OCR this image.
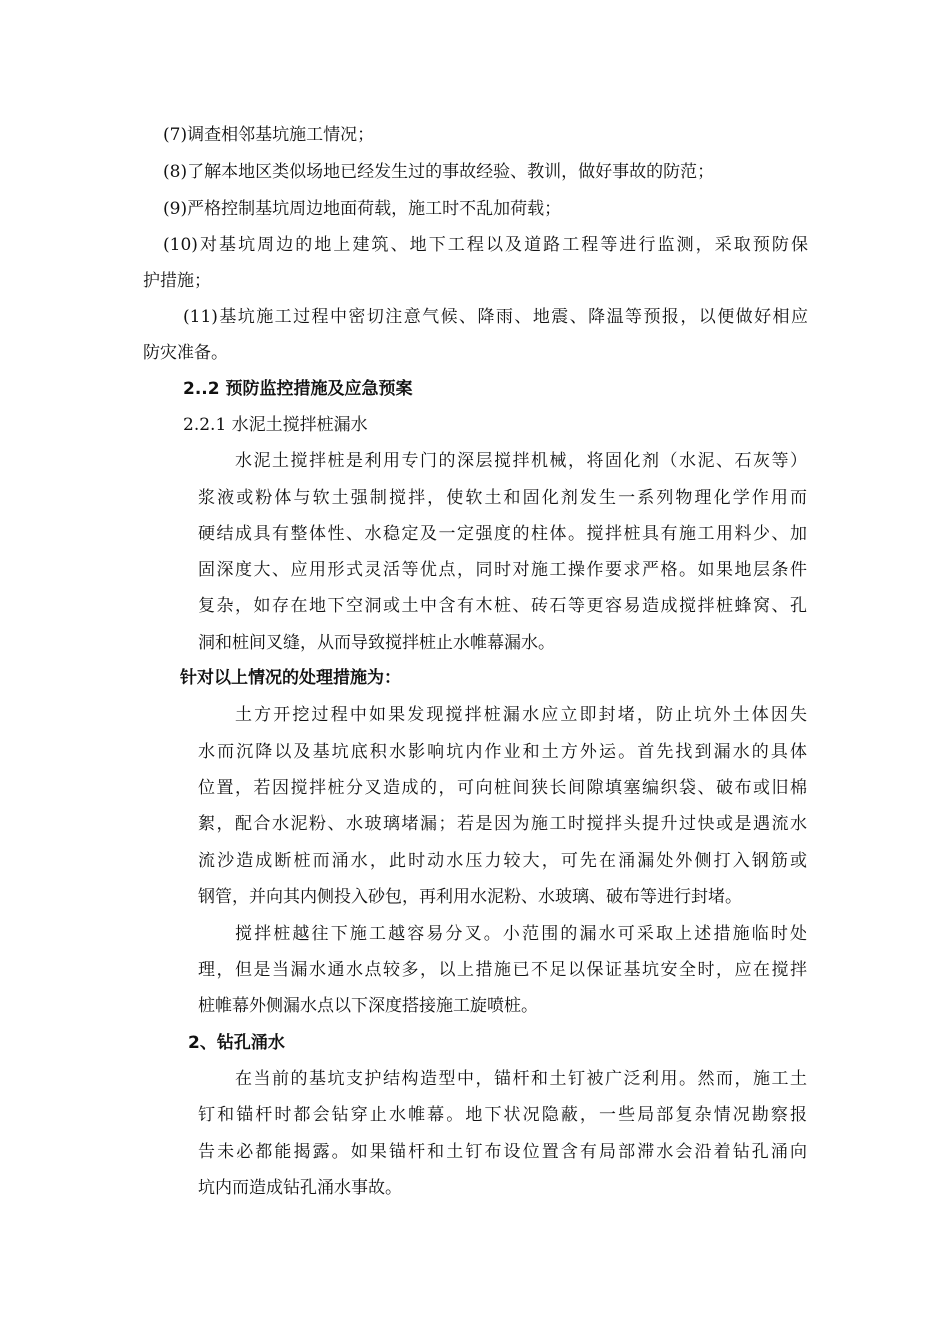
(7)调查相邻基坑施工情况；
(8)了解本地区类似场地已经发生过的事故经验、教训，做好事故的防范；
(9)严格控制基坑周边地面荷载，施工时不乱加荷载；
(10)对基坑周边的地上建筑、地下工程以及道路工程等进行监测，采取预防保
护措施；
(11)基坑施工过程中密切注意气候、降雨、地震、降温等预报，以便做好相应
防灾准备。
2..2 预防监控措施及应急预案
2.2.1 水泥土搅拌桩漏水
水泥土搅拌桩是利用专门的深层搅拌机械，将固化剂（水泥、石灰等）
浆液或粉体与软土强制搅拌，使软土和固化剂发生一系列物理化学作用而
硬结成具有整体性、水稳定及一定强度的柱体。搅拌桩具有施工用料少、加
固深度大、应用形式灵活等优点，同时对施工操作要求严格。如果地层条件
复杂，如存在地下空洞或土中含有木桩、砖石等更容易造成搅拌桩蜂窝、孔
洞和桩间叉缝，从而导致搅拌桩止水帷幕漏水。
针对以上情况的处理措施为：
土方开挖过程中如果发现搅拌桩漏水应立即封堵，防止坑外土体因失
水而沉降以及基坑底积水影响坑内作业和土方外运。首先找到漏水的具体
位置，若因搅拌桩分叉造成的，可向桩间狭长间隙填塞编织袋、破布或旧棉
絮，配合水泥粉、水玻璃堵漏；若是因为施工时搅拌头提升过快或是遇流水
流沙造成断桩而涌水，此时动水压力较大，可先在涌漏处外侧打入钢筋或
钢管，并向其内侧投入砂包，再利用水泥粉、水玻璃、破布等进行封堵。
搅拌桩越往下施工越容易分叉。小范围的漏水可采取上述措施临时处
理，但是当漏水通水点较多，以上措施已不足以保证基坑安全时，应在搅拌
桩帷幕外侧漏水点以下深度搭接施工旋喷桩。
2、钻孔涌水
在当前的基坑支护结构造型中，锚杆和土钉被广泛利用。然而，施工土
钉和锚杆时都会钻穿止水帷幕。地下状况隐蔽，一些局部复杂情况勘察报
告未必都能揭露。如果锚杆和土钉布设位置含有局部滞水会沿着钻孔涌向
坑内而造成钻孔涌水事故。
